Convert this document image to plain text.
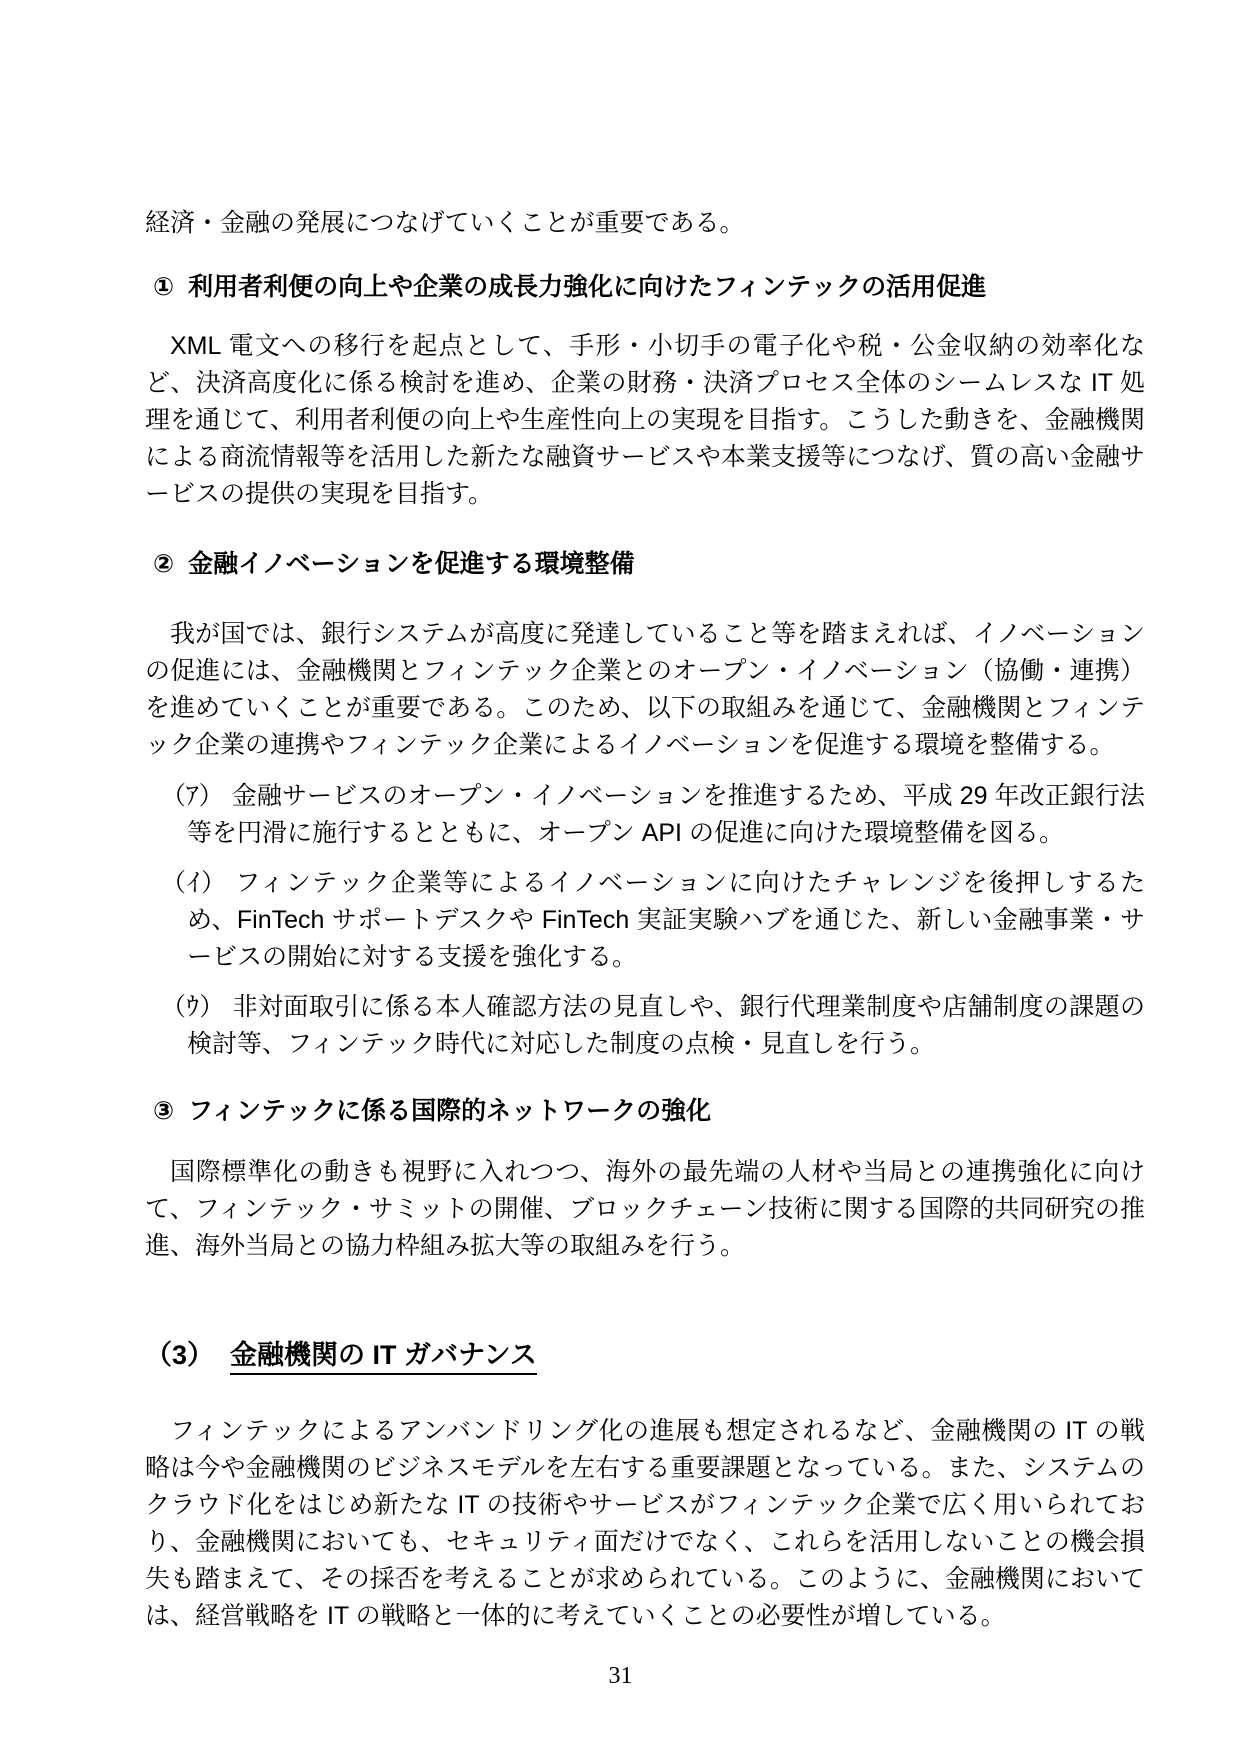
経済・金融の発展につなげていくことが重要である。

① 利用者利便の向上や企業の成長力強化に向けたフィンテックの活用促進

XML 電文への移行を起点として、手形・小切手の電子化や税・公金収納の効率化など、決済高度化に係る検討を進め、企業の財務・決済プロセス全体のシームレスな IT 処理を通じて、利用者利便の向上や生産性向上の実現を目指す。こうした動きを、金融機関による商流情報等を活用した新たな融資サービスや本業支援等につなげ、質の高い金融サービスの提供の実現を目指す。

② 金融イノベーションを促進する環境整備

我が国では、銀行システムが高度に発達していること等を踏まえれば、イノベーションの促進には、金融機関とフィンテック企業とのオープン・イノベーション（協働・連携）を進めていくことが重要である。このため、以下の取組みを通じて、金融機関とフィンテック企業の連携やフィンテック企業によるイノベーションを促進する環境を整備する。

（ｱ） 金融サービスのオープン・イノベーションを推進するため、平成 29 年改正銀行法等を円滑に施行するとともに、オープン API の促進に向けた環境整備を図る。

（ｲ） フィンテック企業等によるイノベーションに向けたチャレンジを後押しするため、FinTech サポートデスクや FinTech 実証実験ハブを通じた、新しい金融事業・サービスの開始に対する支援を強化する。

（ｳ） 非対面取引に係る本人確認方法の見直しや、銀行代理業制度や店舗制度の課題の検討等、フィンテック時代に対応した制度の点検・見直しを行う。

③ フィンテックに係る国際的ネットワークの強化

国際標準化の動きも視野に入れつつ、海外の最先端の人材や当局との連携強化に向けて、フィンテック・サミットの開催、ブロックチェーン技術に関する国際的共同研究の推進、海外当局との協力枠組み拡大等の取組みを行う。

（3） 金融機関の IT ガバナンス

フィンテックによるアンバンドリング化の進展も想定されるなど、金融機関の IT の戦略は今や金融機関のビジネスモデルを左右する重要課題となっている。また、システムのクラウド化をはじめ新たな IT の技術やサービスがフィンテック企業で広く用いられており、金融機関においても、セキュリティ面だけでなく、これらを活用しないことの機会損失も踏まえて、その採否を考えることが求められている。このように、金融機関においては、経営戦略を IT の戦略と一体的に考えていくことの必要性が増している。

31
